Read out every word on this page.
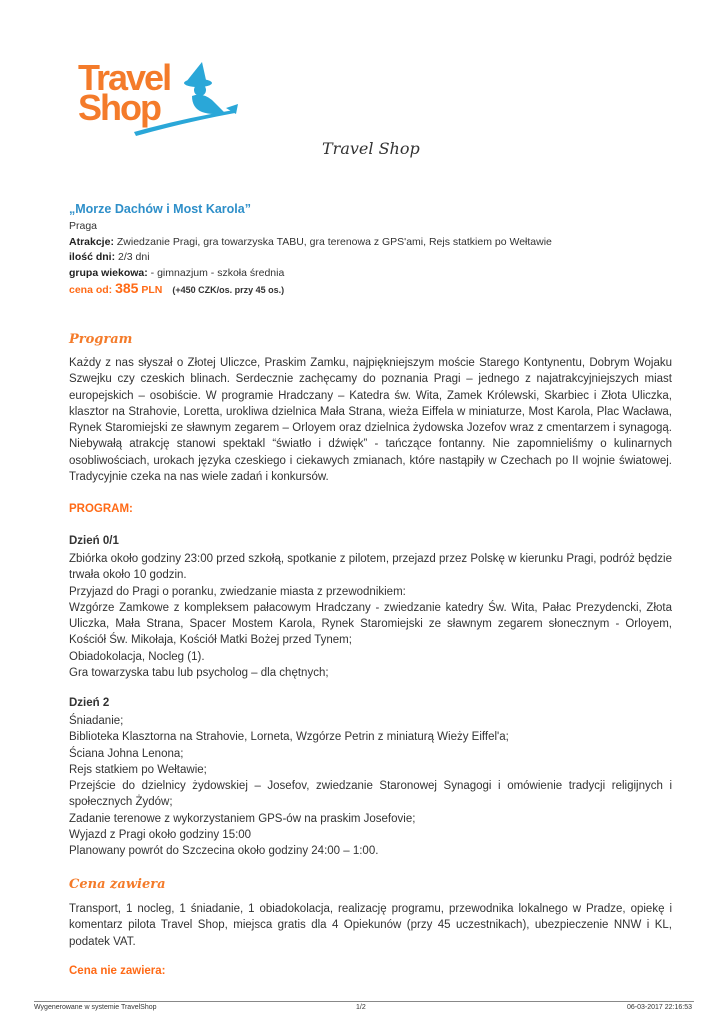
Travel
Shop
Travel Shop
„Morze Dachów i Most Karola”
Praga
Atrakcje: Zwiedzanie Pragi, gra towarzyska TABU, gra terenowa z GPS'ami, Rejs statkiem po Wełtawie
ilość dni: 2/3 dni
grupa wiekowa: - gimnazjum - szkoła średnia
cena od: 385 PLN (+450 CZK/os. przy 45 os.)
Program
Każdy z nas słyszał o Złotej Uliczce, Praskim Zamku, najpiękniejszym moście Starego Kontynentu, Dobrym Wojaku Szwejku czy czeskich blinach. Serdecznie zachęcamy do poznania Pragi – jednego z najatrakcyjniejszych miast europejskich – osobiście. W programie Hradczany – Katedra św. Wita, Zamek Królewski, Skarbiec i Złota Uliczka, klasztor na Strahovie, Loretta, urokliwa dzielnica Mała Strana, wieża Eiffela w miniaturze, Most Karola, Plac Wacława, Rynek Staromiejski ze sławnym zegarem – Orloyem oraz dzielnica żydowska Jozefov wraz z cmentarzem i synagogą. Niebywałą atrakcję stanowi spektakl “światło i dźwięk” - tańczące fontanny. Nie zapomnieliśmy o kulinarnych osobliwościach, urokach języka czeskiego i ciekawych zmianach, które nastąpiły w Czechach po II wojnie światowej. Tradycyjnie czeka na nas wiele zadań i konkursów.
PROGRAM:
Dzień 0/1
Zbiórka około godziny 23:00 przed szkołą, spotkanie z pilotem, przejazd przez Polskę w kierunku Pragi, podróż będzie trwała około 10 godzin.
Przyjazd do Pragi o poranku, zwiedzanie miasta z przewodnikiem:
Wzgórze Zamkowe z kompleksem pałacowym Hradczany - zwiedzanie katedry Św. Wita, Pałac Prezydencki, Złota Uliczka, Mała Strana, Spacer Mostem Karola, Rynek Staromiejski ze sławnym zegarem słonecznym - Orloyem, Kościół Św. Mikołaja, Kościół Matki Bożej przed Tynem;
Obiadokolacja, Nocleg (1).
Gra towarzyska tabu lub psycholog – dla chętnych;
Dzień 2
Śniadanie;
Biblioteka Klasztorna na Strahovie, Lorneta, Wzgórze Petrin z miniaturą Wieży Eiffel'a;
Ściana Johna Lenona;
Rejs statkiem po Wełtawie;
Przejście do dzielnicy żydowskiej – Josefov, zwiedzanie Staronowej Synagogi i omówienie tradycji religijnych i społecznych Żydów;
Zadanie terenowe z wykorzystaniem GPS-ów na praskim Josefovie;
Wyjazd z Pragi około godziny 15:00
Planowany powrót do Szczecina około godziny 24:00 – 1:00.
Cena zawiera
Transport, 1 nocleg, 1 śniadanie, 1 obiadokolacja, realizację programu, przewodnika lokalnego w Pradze, opiekę i komentarz pilota Travel Shop, miejsca gratis dla 4 Opiekunów (przy 45 uczestnikach), ubezpieczenie NNW i KL, podatek VAT.
Cena nie zawiera:
Wygenerowane w systemie TravelShop	1/2	06-03-2017 22:16:53
